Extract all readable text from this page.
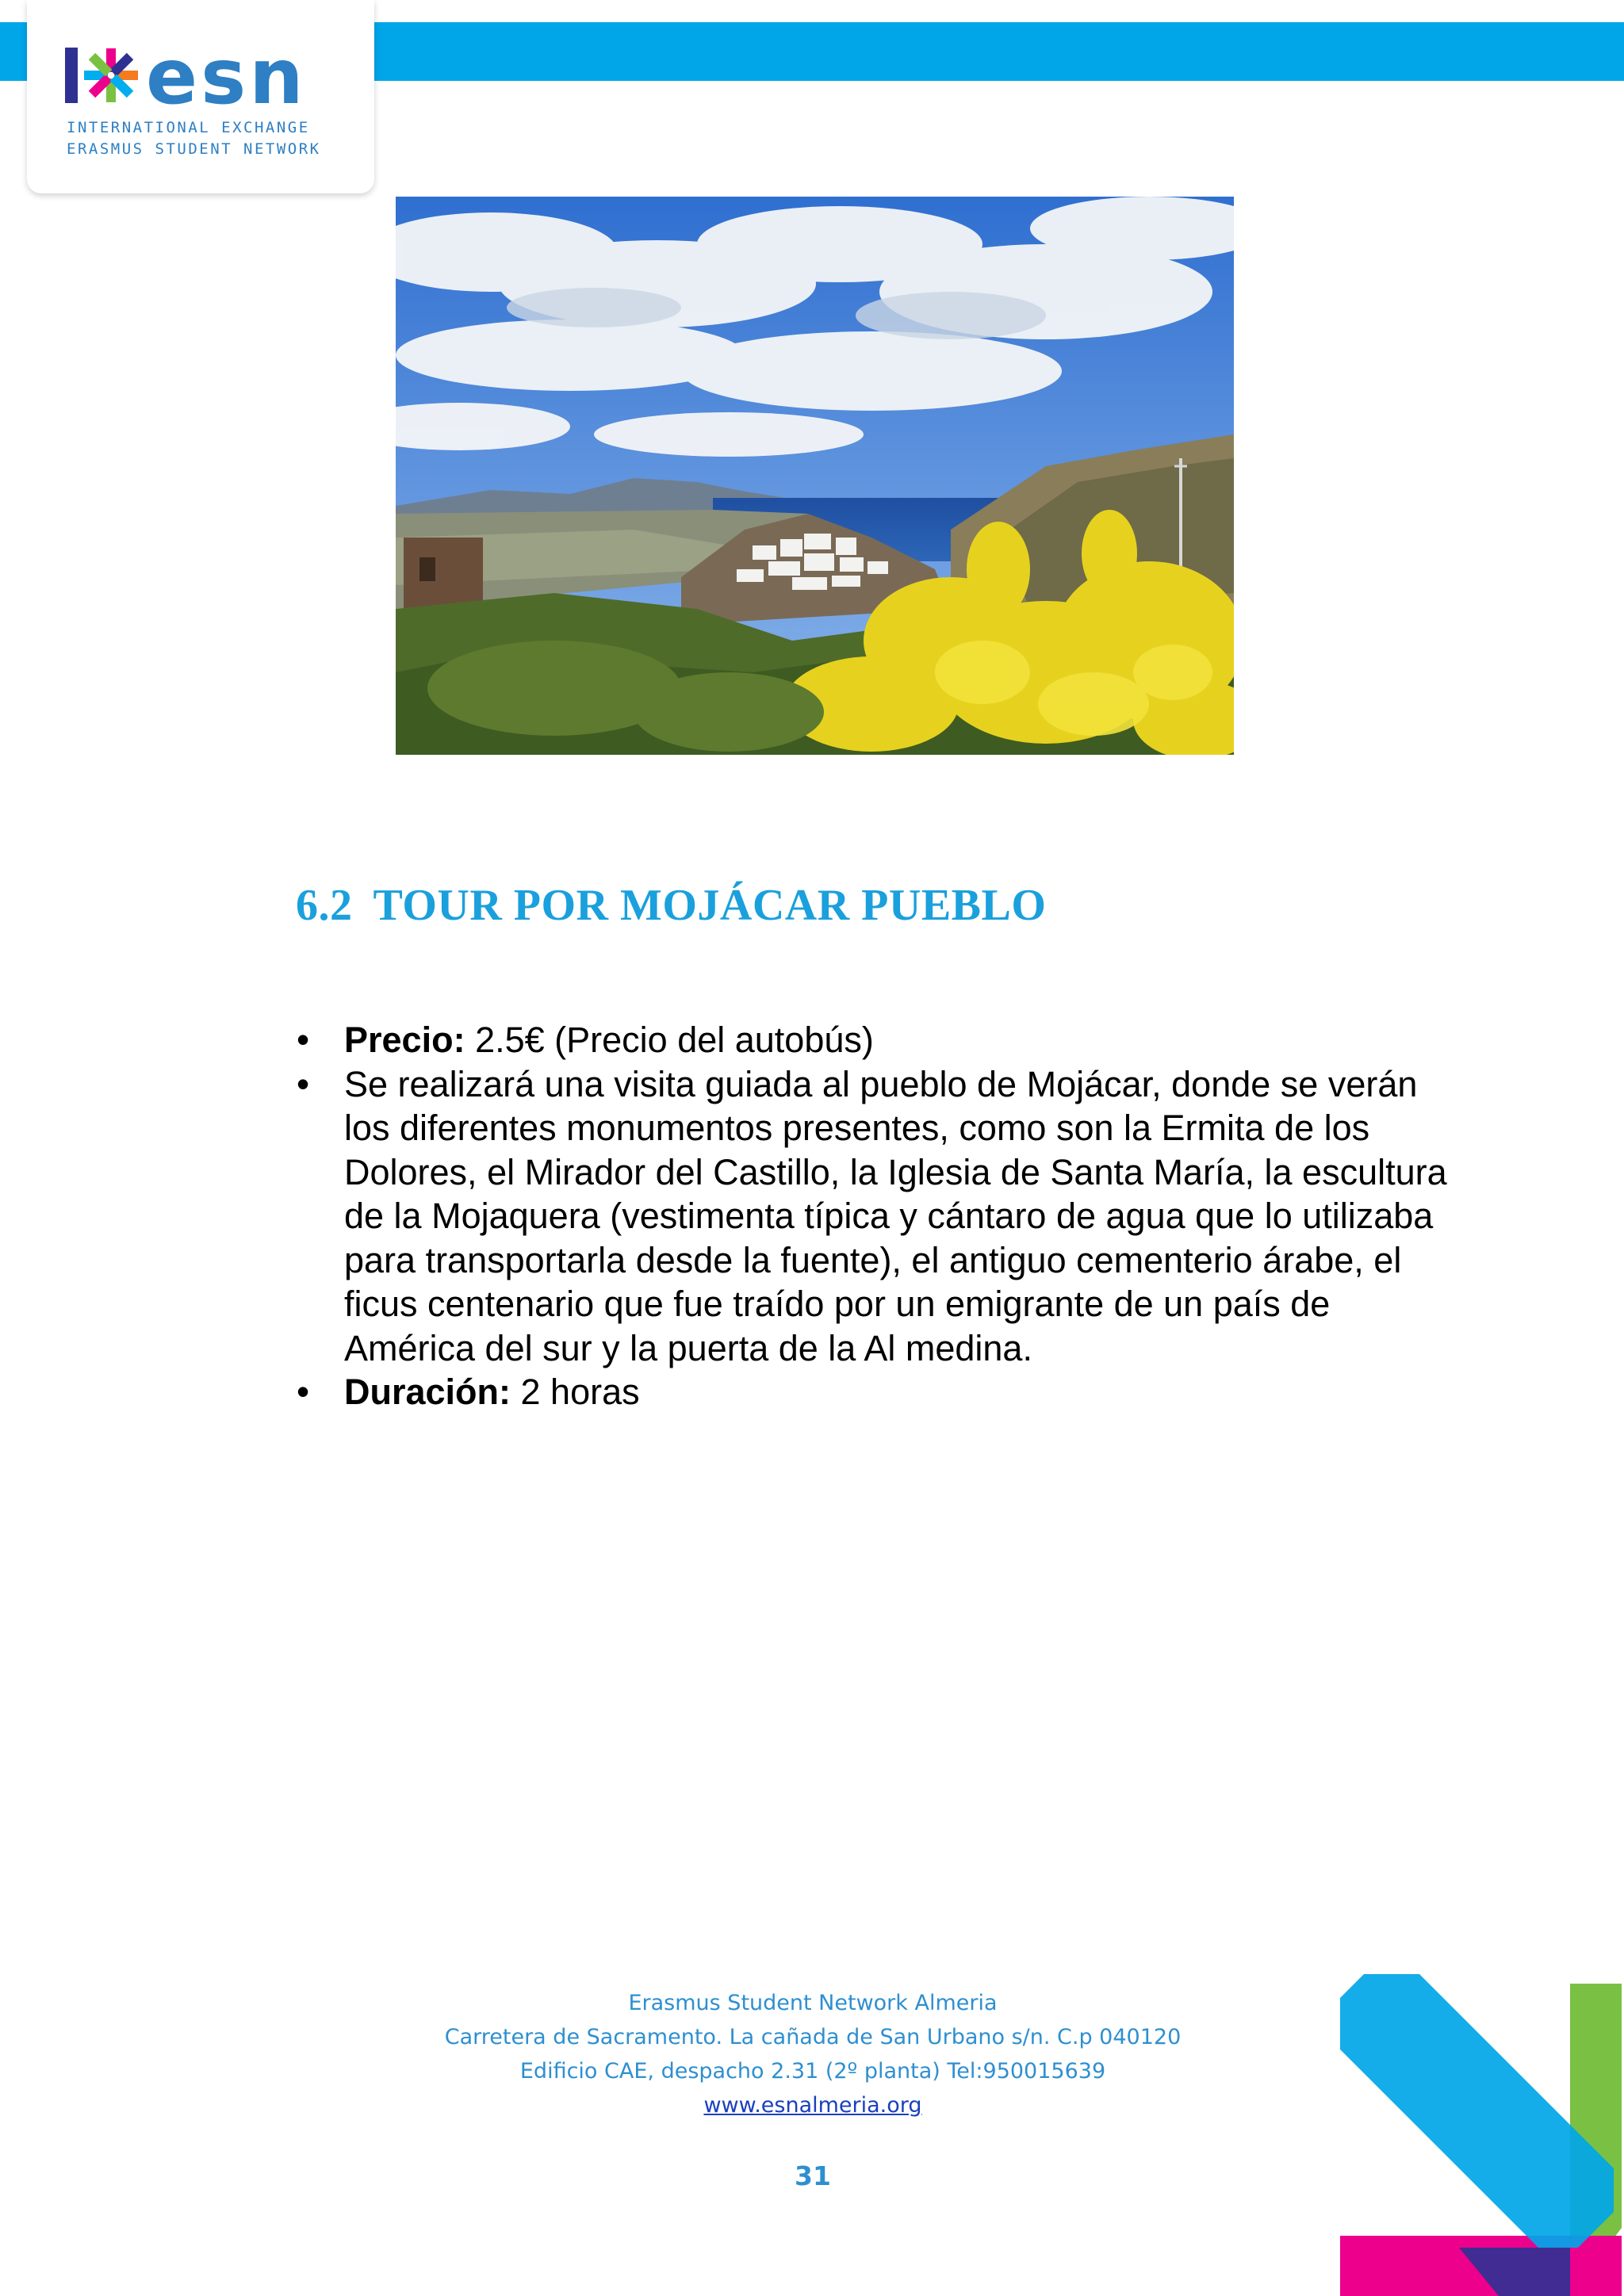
esn

INTERNATIONAL EXCHANGE

ERASMUS STUDENT NETWORK

6.2 TOUR POR MOJÁCAR PUEBLO
• Precio: 2.5€ (Precio del autobús)
• Se realizará una visita guiada al pueblo de Mojácar, donde se verán los diferentes monumentos presentes, como son la Ermita de los Dolores, el Mirador del Castillo, la Iglesia de Santa María, la escultura de la Mojaquera (vestimenta típica y cántaro de agua que lo utilizaba para transportarla desde la fuente), el antiguo cementerio árabe, el ficus centenario que fue traído por un emigrante de un país de América del sur y la puerta de la Al medina.
• Duración: 2 horas

Erasmus Student Network Almeria

Carretera de Sacramento. La cañada de San Urbano s/n. C.p 040120

Edificio CAE, despacho 2.31 (2º planta) Tel:950015639

www.esnalmeria.org

31
